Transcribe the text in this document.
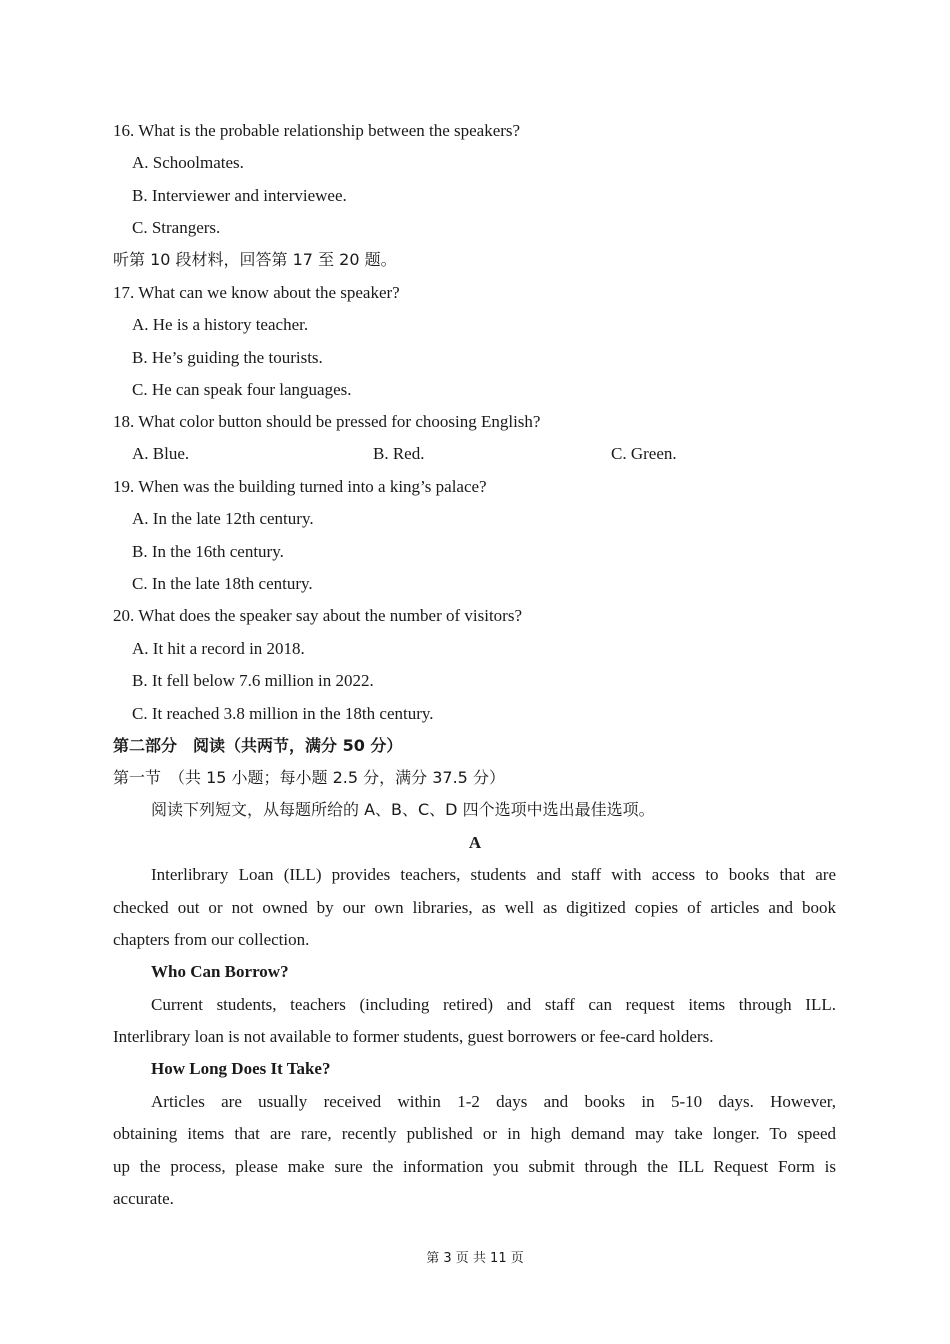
16. What is the probable relationship between the speakers?
A. Schoolmates.
B. Interviewer and interviewee.
C. Strangers.
听第 10 段材料，回答第 17 至 20 题。
17. What can we know about the speaker?
A. He is a history teacher.
B. He’s guiding the tourists.
C. He can speak four languages.
18. What color button should be pressed for choosing English?
A. Blue.	B. Red.	C. Green.
19. When was the building turned into a king’s palace?
A. In the late 12th century.
B. In the 16th century.
C. In the late 18th century.
20. What does the speaker say about the number of visitors?
A. It hit a record in 2018.
B. It fell below 7.6 million in 2022.
C. It reached 3.8 million in the 18th century.
第二部分　阅读（共两节，满分 50 分）
第一节　（共 15 小题；每小题 2.5 分，满分 37.5 分）
阅读下列短文，从每题所给的 A、B、C、D 四个选项中选出最佳选项。
A
Interlibrary Loan (ILL) provides teachers, students and staff with access to books that are
checked out or not owned by our own libraries, as well as digitized copies of articles and book
chapters from our collection.
Who Can Borrow?
Current students, teachers (including retired) and staff can request items through ILL.
Interlibrary loan is not available to former students, guest borrowers or fee-card holders.
How Long Does It Take?
Articles are usually received within 1-2 days and books in 5-10 days. However,
obtaining items that are rare, recently published or in high demand may take longer. To speed
up the process, please make sure the information you submit through the ILL Request Form is
accurate.
第 3 页 共 11 页
